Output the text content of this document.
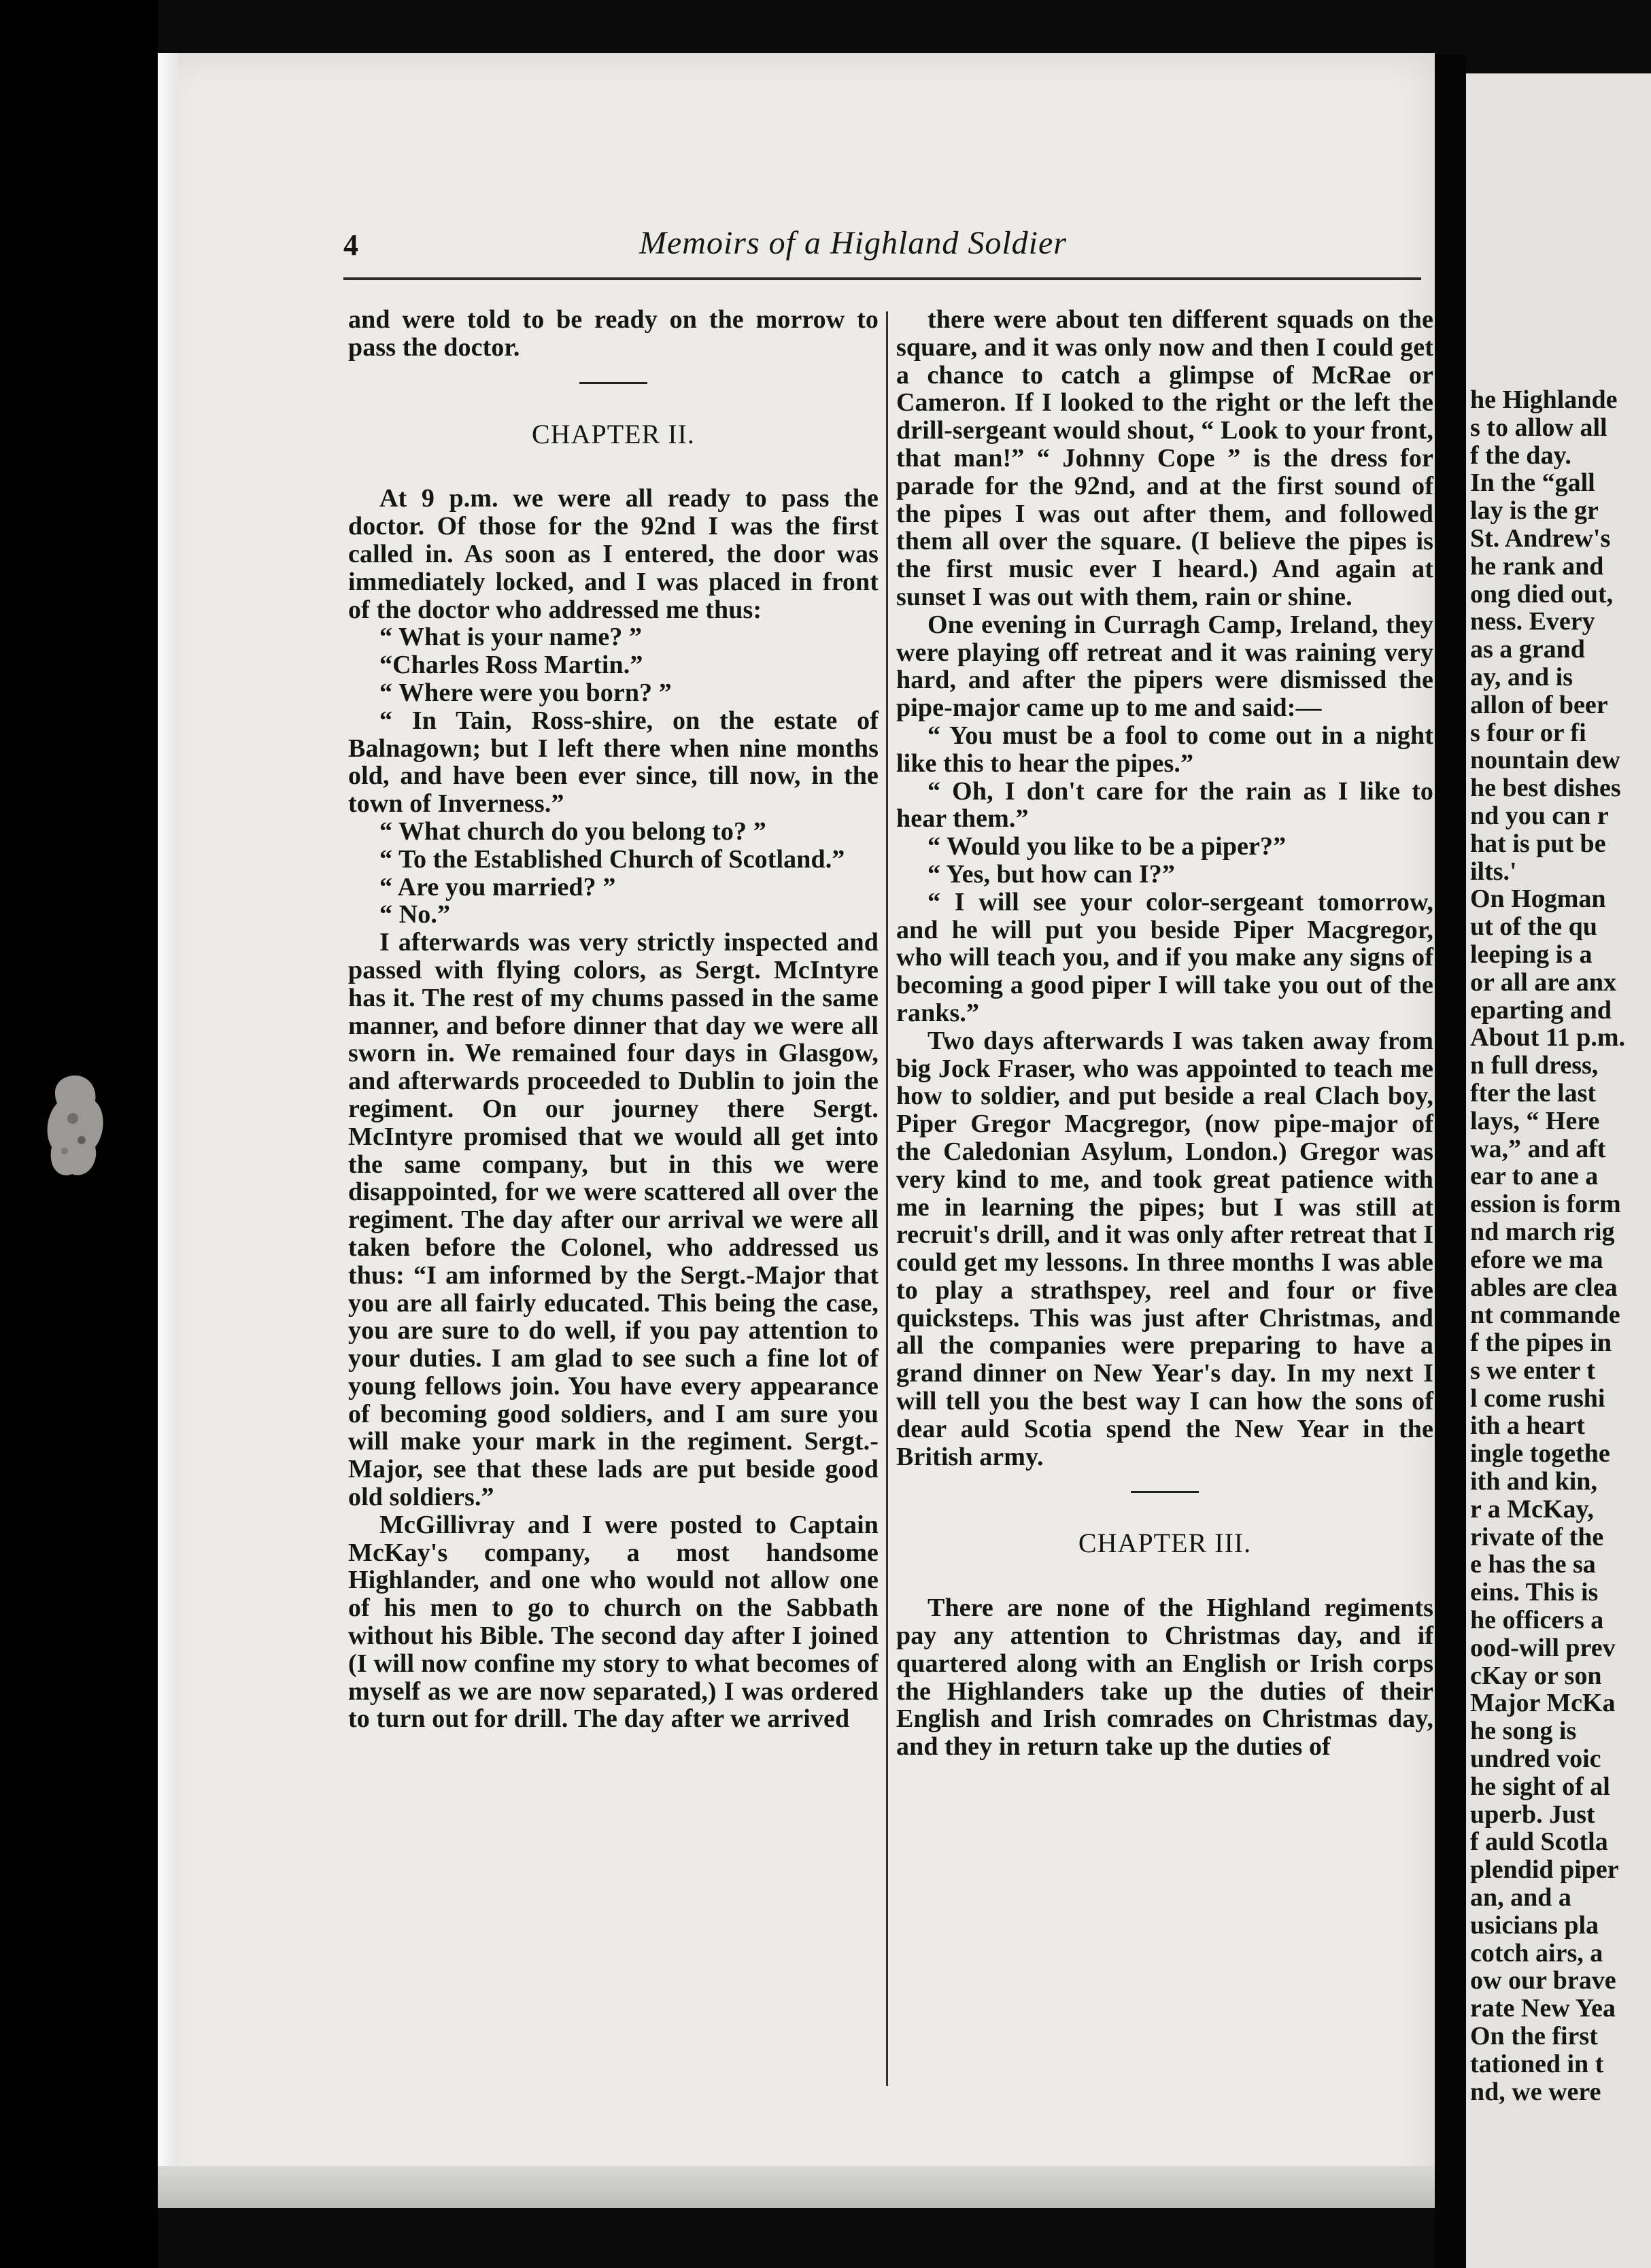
he Highlande
s to allow all
f the day.
In the “gall
lay is the gr
St. Andrew's
he rank and
ong died out,
ness. Every
as a grand
ay, and is
allon of beer
s four or fi
nountain dew
he best dishes
nd you can r
hat is put be
ilts.'
On Hogman
ut of the qu
leeping is a
or all are anx
eparting and
About 11 p.m.
n full dress,
fter the last
lays, “ Here
wa,” and aft
ear to ane a
ession is form
nd march rig
efore we ma
ables are clea
nt commande
f the pipes in
s we enter t
l come rushi
ith a heart
ingle togethe
ith and kin,
r a McKay,
rivate of the
e has the sa
eins. This is
he officers a
ood-will prev
cKay or son
Major McKa
he song is
undred voic
he sight of al
uperb. Just
f auld Scotla
plendid piper
an, and a
usicians pla
cotch airs, a
ow our brave
rate New Yea
On the first
tationed in t
nd, we were
4	Memoirs of a Highland Soldier

and were told to be ready on the morrow to pass the doctor.

CHAPTER II.

At 9 p.m. we were all ready to pass the doctor. Of those for the 92nd I was the first called in. As soon as I entered, the door was immediately locked, and I was placed in front of the doctor who addressed me thus:

“ What is your name? ”

“Charles Ross Martin.”

“ Where were you born? ”

“ In Tain, Ross-shire, on the estate of Balnagown; but I left there when nine months old, and have been ever since, till now, in the town of Inverness.”

“ What church do you belong to? ”

“ To the Established Church of Scotland.”

“ Are you married? ”

“ No.”

I afterwards was very strictly inspected and passed with flying colors, as Sergt. McIntyre has it. The rest of my chums passed in the same manner, and before dinner that day we were all sworn in. We remained four days in Glasgow, and afterwards proceeded to Dublin to join the regiment. On our journey there Sergt. McIntyre promised that we would all get into the same company, but in this we were disappointed, for we were scattered all over the regiment. The day after our arrival we were all taken before the Colonel, who addressed us thus: “I am informed by the Sergt.-Major that you are all fairly educated. This being the case, you are sure to do well, if you pay attention to your duties. I am glad to see such a fine lot of young fellows join. You have every appearance of becoming good soldiers, and I am sure you will make your mark in the regiment. Sergt.-Major, see that these lads are put beside good old soldiers.”

McGillivray and I were posted to Captain McKay's company, a most handsome Highlander, and one who would not allow one of his men to go to church on the Sabbath without his Bible. The second day after I joined (I will now confine my story to what becomes of myself as we are now separated,) I was ordered to turn out for drill. The day after we arrived

there were about ten different squads on the square, and it was only now and then I could get a chance to catch a glimpse of McRae or Cameron. If I looked to the right or the left the drill-sergeant would shout, “ Look to your front, that man!” “ Johnny Cope ” is the dress for parade for the 92nd, and at the first sound of the pipes I was out after them, and followed them all over the square. (I believe the pipes is the first music ever I heard.) And again at sunset I was out with them, rain or shine.

One evening in Curragh Camp, Ireland, they were playing off retreat and it was raining very hard, and after the pipers were dismissed the pipe-major came up to me and said:—

“ You must be a fool to come out in a night like this to hear the pipes.”

“ Oh, I don't care for the rain as I like to hear them.”

“ Would you like to be a piper?”

“ Yes, but how can I?”

“ I will see your color-sergeant tomorrow, and he will put you beside Piper Macgregor, who will teach you, and if you make any signs of becoming a good piper I will take you out of the ranks.”

Two days afterwards I was taken away from big Jock Fraser, who was appointed to teach me how to soldier, and put beside a real Clach boy, Piper Gregor Macgregor, (now pipe-major of the Caledonian Asylum, London.) Gregor was very kind to me, and took great patience with me in learning the pipes; but I was still at recruit's drill, and it was only after retreat that I could get my lessons. In three months I was able to play a strathspey, reel and four or five quicksteps. This was just after Christmas, and all the companies were preparing to have a grand dinner on New Year's day. In my next I will tell you the best way I can how the sons of dear auld Scotia spend the New Year in the British army.

CHAPTER III.

There are none of the Highland regiments pay any attention to Christmas day, and if quartered along with an English or Irish corps the Highlanders take up the duties of their English and Irish comrades on Christmas day, and they in return take up the duties of
